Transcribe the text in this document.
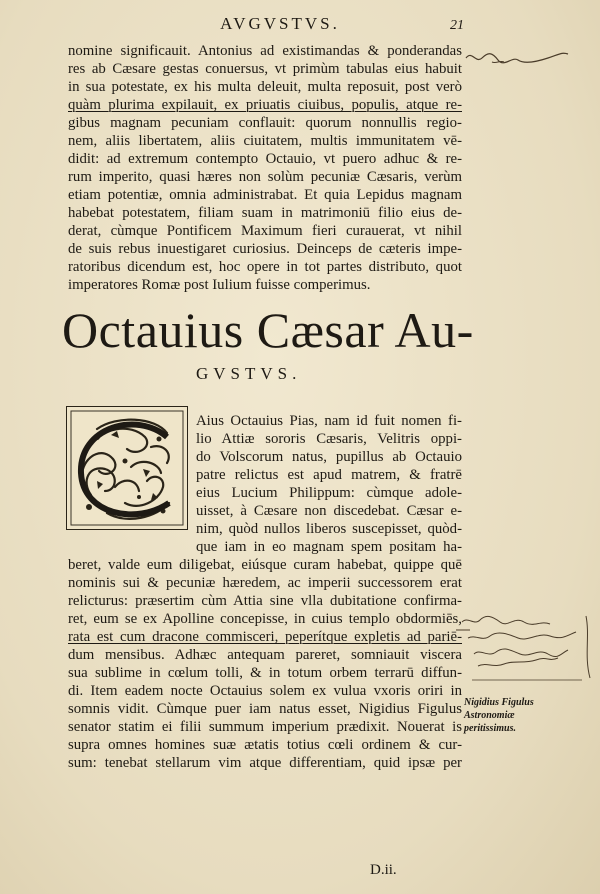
AVGVSTVS.	21
nomine significauit. Antonius ad existimandas & ponderandas
res ab Cæsare gestas conuersus, vt primùm tabulas eius habuit
in sua potestate, ex his multa deleuit, multa reposuit, post verò
quàm plurima expilauit, ex priuatis ciuibus, populis, atque re-
gibus magnam pecuniam conflauit: quorum nonnullis regio-
nem, aliis libertatem, aliis ciuitatem, multis immunitatem vē-
didit: ad extremum contempto Octauio, vt puero adhuc & re-
rum imperito, quasi hæres non solùm pecuniæ Cæsaris, verùm
etiam potentiæ, omnia administrabat. Et quia Lepidus magnam
habebat potestatem, filiam suam in matrimoniū filio eius de-
derat, cùmque Pontificem Maximum fieri curauerat, vt nihil
de suis rebus inuestigaret curiosius. Deinceps de cæteris impe-
ratoribus dicendum est, hoc opere in tot partes distributo, quot
imperatores Romæ post Iulium fuisse comperimus.
Octauius Cæsar Au-
GVSTVS.
Aius Octauius Pias, nam id fuit nomen fi-
lio Attiæ sororis Cæsaris, Velitris oppi-
do Volscorum natus, pupillus ab Octauio
patre relictus est apud matrem, & fratrē
eius Lucium Philippum: cùmque adole-
uisset, à Cæsare non discedebat. Cæsar e-
nim, quòd nullos liberos suscepisset, quòd-
que iam in eo magnam spem positam ha-
beret, valde eum diligebat, eiúsque curam habebat, quippe quē
nominis sui & pecuniæ hæredem, ac imperii successorem erat
relicturus: præsertim cùm Attia sine vlla dubitatione confirma-
ret, eum se ex Apolline concepisse, in cuius templo obdormiēs,
rata est cum dracone commisceri, peperítque expletis ad pariē-
dum mensibus. Adhæc antequam pareret, somniauit viscera
sua sublime in cœlum tolli, & in totum orbem terrarū diffun-
di. Item eadem nocte Octauius solem ex vulua vxoris oriri in
somnis vidit. Cùmque puer iam natus esset, Nigidius Figulus
senator statim ei filii summum imperium prædixit. Nouerat is
supra omnes homines suæ ætatis totius cœli ordinem & cur-
sum: tenebat stellarum vim atque differentiam, quid ipsæ per
Nigidius Figulus Astronomiæ peritissimus.
D.ii.
